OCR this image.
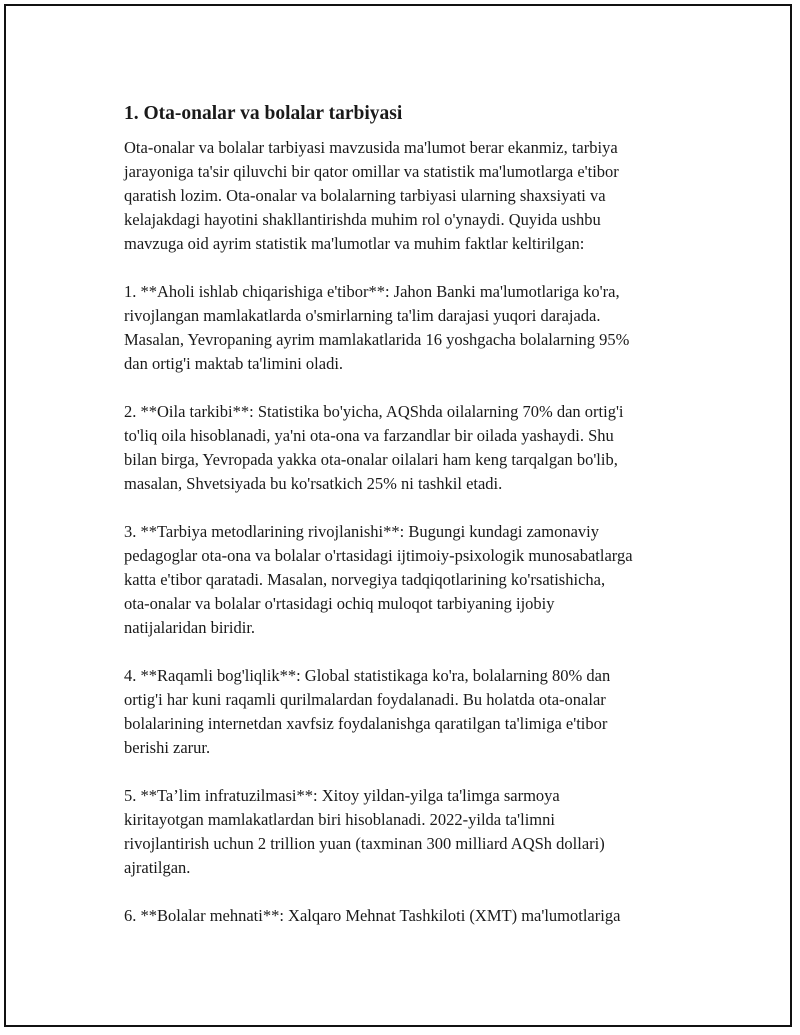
1. Ota-onalar va bolalar tarbiyasi
Ota-onalar va bolalar tarbiyasi mavzusida ma'lumot berar ekanmiz, tarbiya
jarayoniga ta'sir qiluvchi bir qator omillar va statistik ma'lumotlarga e'tibor
qaratish lozim. Ota-onalar va bolalarning tarbiyasi ularning shaxsiyati va
kelajakdagi hayotini shakllantirishda muhim rol o'ynaydi. Quyida ushbu
mavzuga oid ayrim statistik ma'lumotlar va muhim faktlar keltirilgan:
1. **Aholi ishlab chiqarishiga e'tibor**: Jahon Banki ma'lumotlariga ko'ra,
rivojlangan mamlakatlarda o'smirlarning ta'lim darajasi yuqori darajada.
Masalan, Yevropaning ayrim mamlakatlarida 16 yoshgacha bolalarning 95%
dan ortig'i maktab ta'limini oladi.
2. **Oila tarkibi**: Statistika bo'yicha, AQShda oilalarning 70% dan ortig'i
to'liq oila hisoblanadi, ya'ni ota-ona va farzandlar bir oilada yashaydi. Shu
bilan birga, Yevropada yakka ota-onalar oilalari ham keng tarqalgan bo'lib,
masalan, Shvetsiyada bu ko'rsatkich 25% ni tashkil etadi.
3. **Tarbiya metodlarining rivojlanishi**: Bugungi kundagi zamonaviy
pedagoglar ota-ona va bolalar o'rtasidagi ijtimoiy-psixologik munosabatlarga
katta e'tibor qaratadi. Masalan, norvegiya tadqiqotlarining ko'rsatishicha,
ota-onalar va bolalar o'rtasidagi ochiq muloqot tarbiyaning ijobiy
natijalaridan biridir.
4. **Raqamli bog'liqlik**: Global statistikaga ko'ra, bolalarning 80% dan
ortig'i har kuni raqamli qurilmalardan foydalanadi. Bu holatda ota-onalar
bolalarining internetdan xavfsiz foydalanishga qaratilgan ta'limiga e'tibor
berishi zarur.
5. **Ta’lim infratuzilmasi**: Xitoy yildan-yilga ta'limga sarmoya
kiritayotgan mamlakatlardan biri hisoblanadi. 2022-yilda ta'limni
rivojlantirish uchun 2 trillion yuan (taxminan 300 milliard AQSh dollari)
ajratilgan.
6. **Bolalar mehnati**: Xalqaro Mehnat Tashkiloti (XMT) ma'lumotlariga
